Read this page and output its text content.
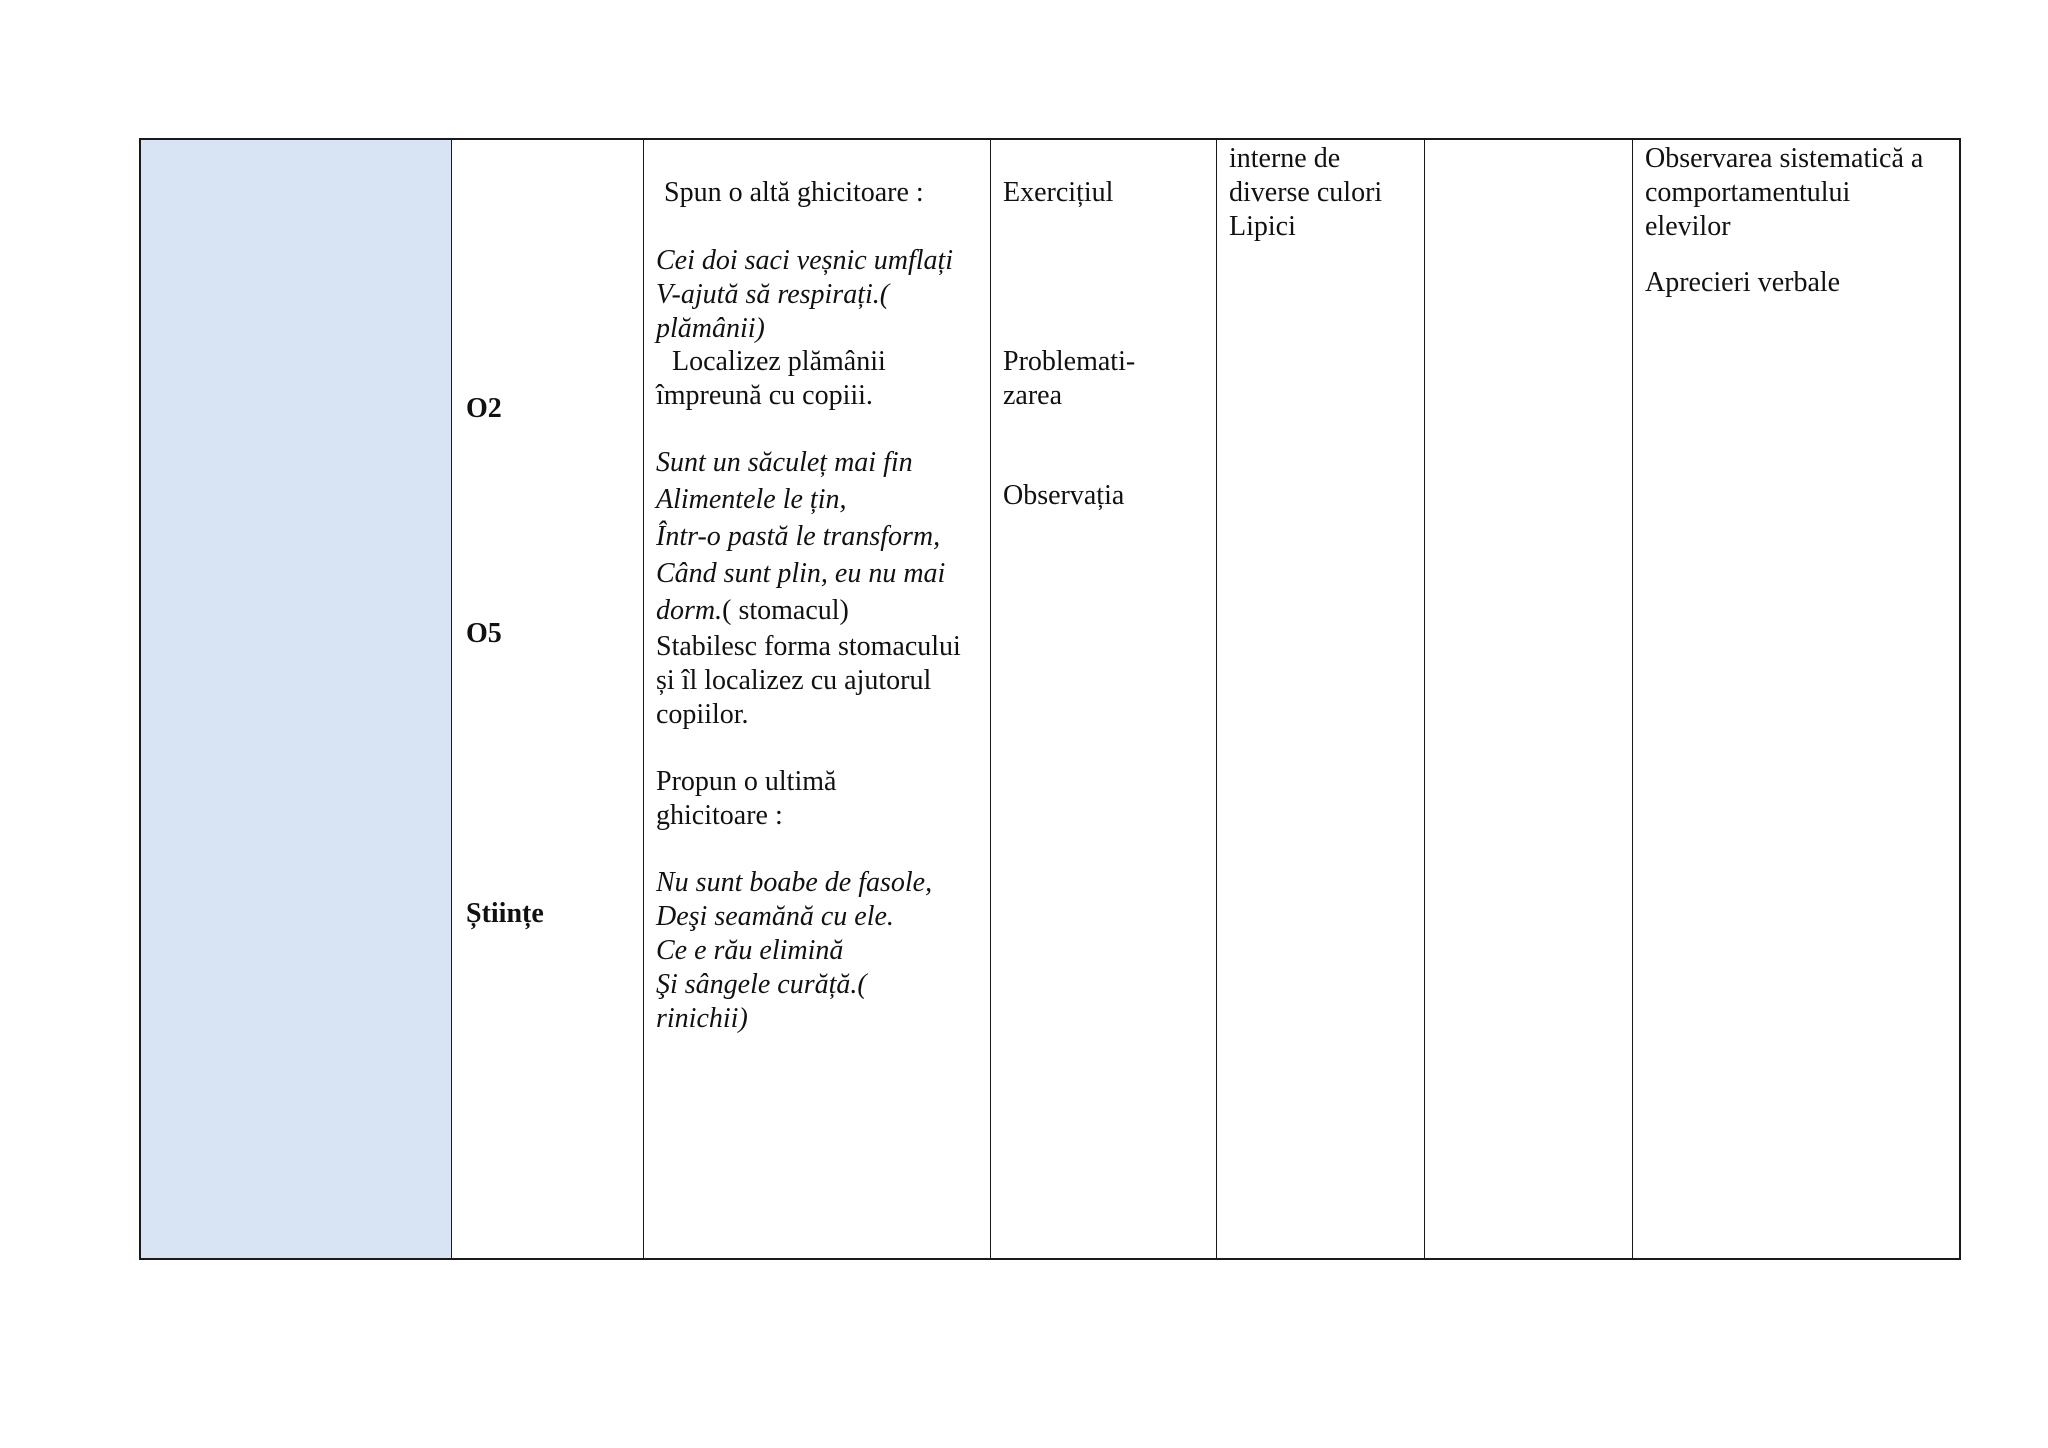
O2
O5
Științe
Spun o altă ghicitoare :
Cei doi saci veșnic umflați
V-ajută să respirați.(
plămânii)
Localizez plămânii
împreună cu copiii.
Sunt un săculeț mai fin
Alimentele le țin,
Într-o pastă le transform,
Când sunt plin, eu nu mai
dorm.( stomacul)
Stabilesc forma stomacului
și îl localizez cu ajutorul
copiilor.
Propun o ultimă
ghicitoare :
Nu sunt boabe de fasole,
Deşi seamănă cu ele.
Ce e rău elimină
Şi sângele curăță.(
rinichii)
Exercițiul
Problemati-
zarea
Observația
interne de
diverse culori
Lipici
Observarea sistematică a
comportamentului
elevilor
Aprecieri verbale
